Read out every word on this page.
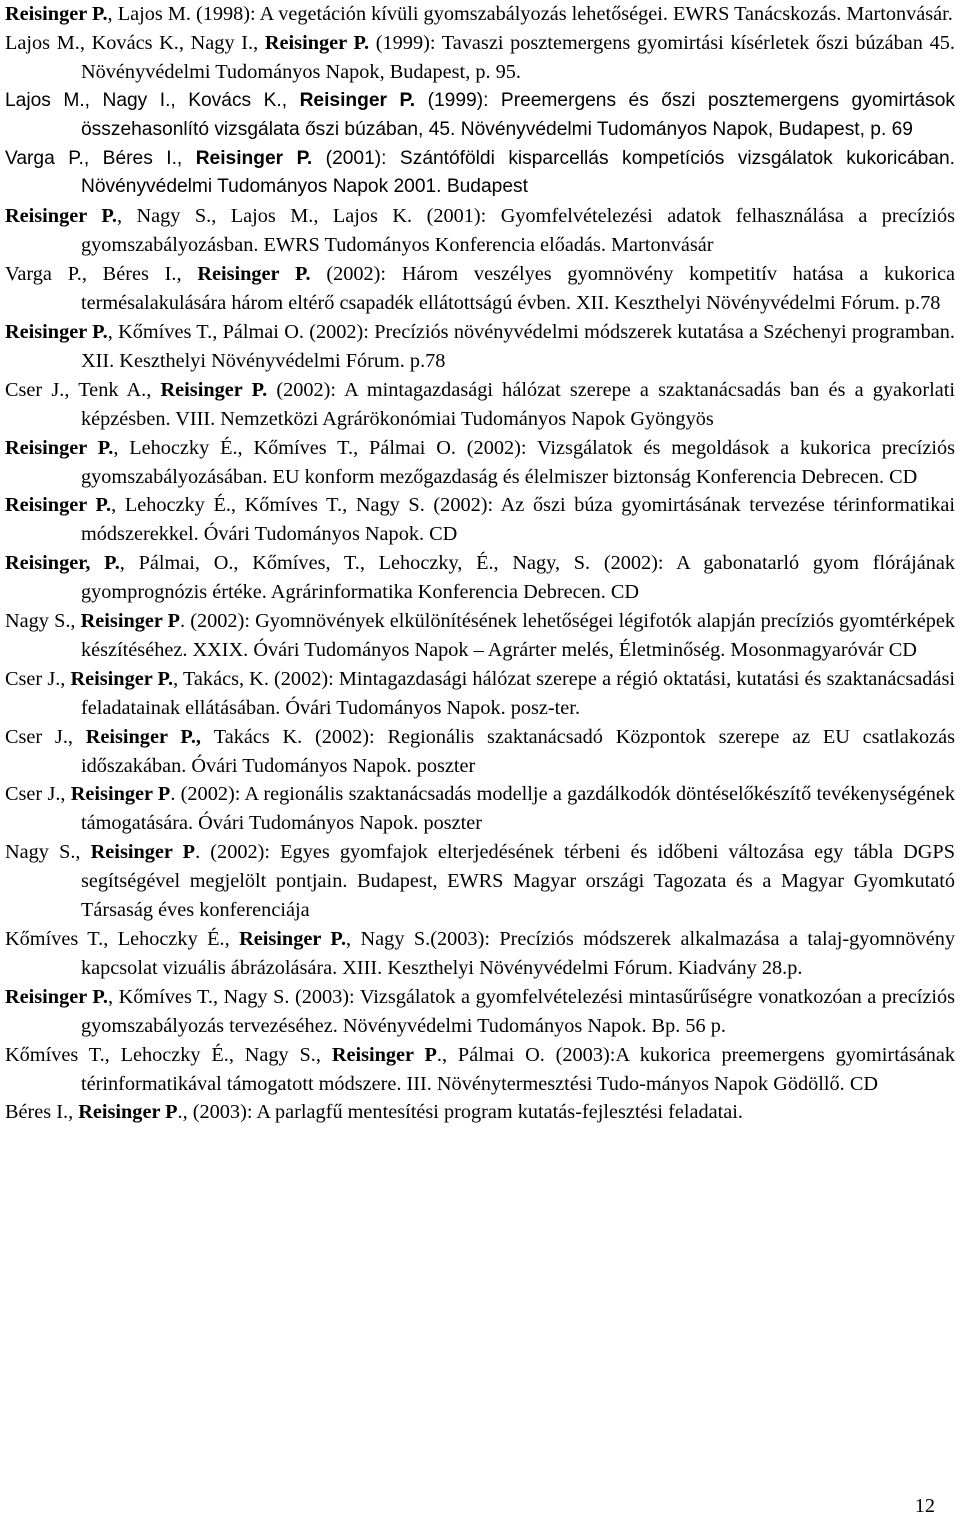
Reisinger P., Lajos M. (1998): A vegetáción kívüli gyomszabályozás lehetőségei. EWRS Tanácskozás. Martonvásár.

Lajos M., Kovács K., Nagy I., Reisinger P. (1999): Tavaszi posztemergens gyomirtási kísérletek őszi búzában 45. Növényvédelmi Tudományos Napok, Budapest, p. 95.

Lajos M., Nagy I., Kovács K., Reisinger P. (1999): Preemergens és őszi posztemergens gyomirtások összehasonlító vizsgálata őszi búzában, 45. Növényvédelmi Tudományos Napok, Budapest, p. 69

Varga P., Béres I., Reisinger P. (2001): Szántóföldi kisparcellás kompetíciós vizsgálatok kukoricában. Növényvédelmi Tudományos Napok 2001. Budapest

Reisinger P., Nagy S., Lajos M., Lajos K. (2001): Gyomfelvételezési adatok felhasználása a precíziós gyomszabályozásban. EWRS Tudományos Konferencia előadás. Martonvásár

Varga P., Béres I., Reisinger P. (2002): Három veszélyes gyomnövény kompetitív hatása a kukorica termésalakulására három eltérő csapadék ellátottságú évben. XII. Keszthelyi Növényvédelmi Fórum. p.78

Reisinger P., Kőmíves T., Pálmai O. (2002): Precíziós növényvédelmi módszerek kutatása a Széchenyi programban. XII. Keszthelyi Növényvédelmi Fórum. p.78

Cser J., Tenk A., Reisinger P. (2002): A mintagazdasági hálózat szerepe a szaktanácsadás ban és a gyakorlati képzésben. VIII. Nemzetközi Agrárökonómiai Tudományos Napok Gyöngyös

Reisinger P., Lehoczky É., Kőmíves T., Pálmai O. (2002): Vizsgálatok és megoldások a kukorica precíziós gyomszabályozásában. EU konform mezőgazdaság és élelmiszer biztonság Konferencia Debrecen. CD

Reisinger P., Lehoczky É., Kőmíves T., Nagy S. (2002): Az őszi búza gyomirtásának tervezése térinformatikai módszerekkel. Óvári Tudományos Napok. CD

Reisinger, P., Pálmai, O., Kőmíves, T., Lehoczky, É., Nagy, S. (2002): A gabonatarló gyom flórájának gyomprognózis értéke. Agrárinformatika Konferencia Debrecen. CD

Nagy S., Reisinger P. (2002): Gyomnövények elkülönítésének lehetőségei légifotók alapján precíziós gyomtérképek készítéséhez. XXIX. Óvári Tudományos Napok – Agrárter melés, Életminőség. Mosonmagyaróvár CD

Cser J., Reisinger P., Takács, K. (2002): Mintagazdasági hálózat szerepe a régió oktatási, kutatási és szaktanácsadási feladatainak ellátásában. Óvári Tudományos Napok. posz-ter.

Cser J., Reisinger P., Takács K. (2002): Regionális szaktanácsadó Központok szerepe az EU csatlakozás időszakában. Óvári Tudományos Napok. poszter

Cser J., Reisinger P. (2002): A regionális szaktanácsadás modellje a gazdálkodók döntéselőkészítő tevékenységének támogatására. Óvári Tudományos Napok. poszter

Nagy S., Reisinger P. (2002): Egyes gyomfajok elterjedésének térbeni és időbeni változása egy tábla DGPS segítségével megjelölt pontjain. Budapest, EWRS Magyar országi Tagozata és a Magyar Gyomkutató Társaság éves konferenciája

Kőmíves T., Lehoczky É., Reisinger P., Nagy S.(2003): Precíziós módszerek alkalmazása a talaj-gyomnövény kapcsolat vizuális ábrázolására. XIII. Keszthelyi Növényvédelmi Fórum. Kiadvány 28.p.

Reisinger P., Kőmíves T., Nagy S. (2003): Vizsgálatok a gyomfelvételezési mintasűrűségre vonatkozóan a precíziós gyomszabályozás tervezéséhez. Növényvédelmi Tudományos Napok. Bp. 56 p.

Kőmíves T., Lehoczky É., Nagy S., Reisinger P., Pálmai O. (2003):A kukorica preemergens gyomirtásának térinformatikával támogatott módszere. III. Növénytermesztési Tudo-mányos Napok Gödöllő. CD

Béres I., Reisinger P., (2003): A parlagfű mentesítési program kutatás-fejlesztési feladatai.

12
